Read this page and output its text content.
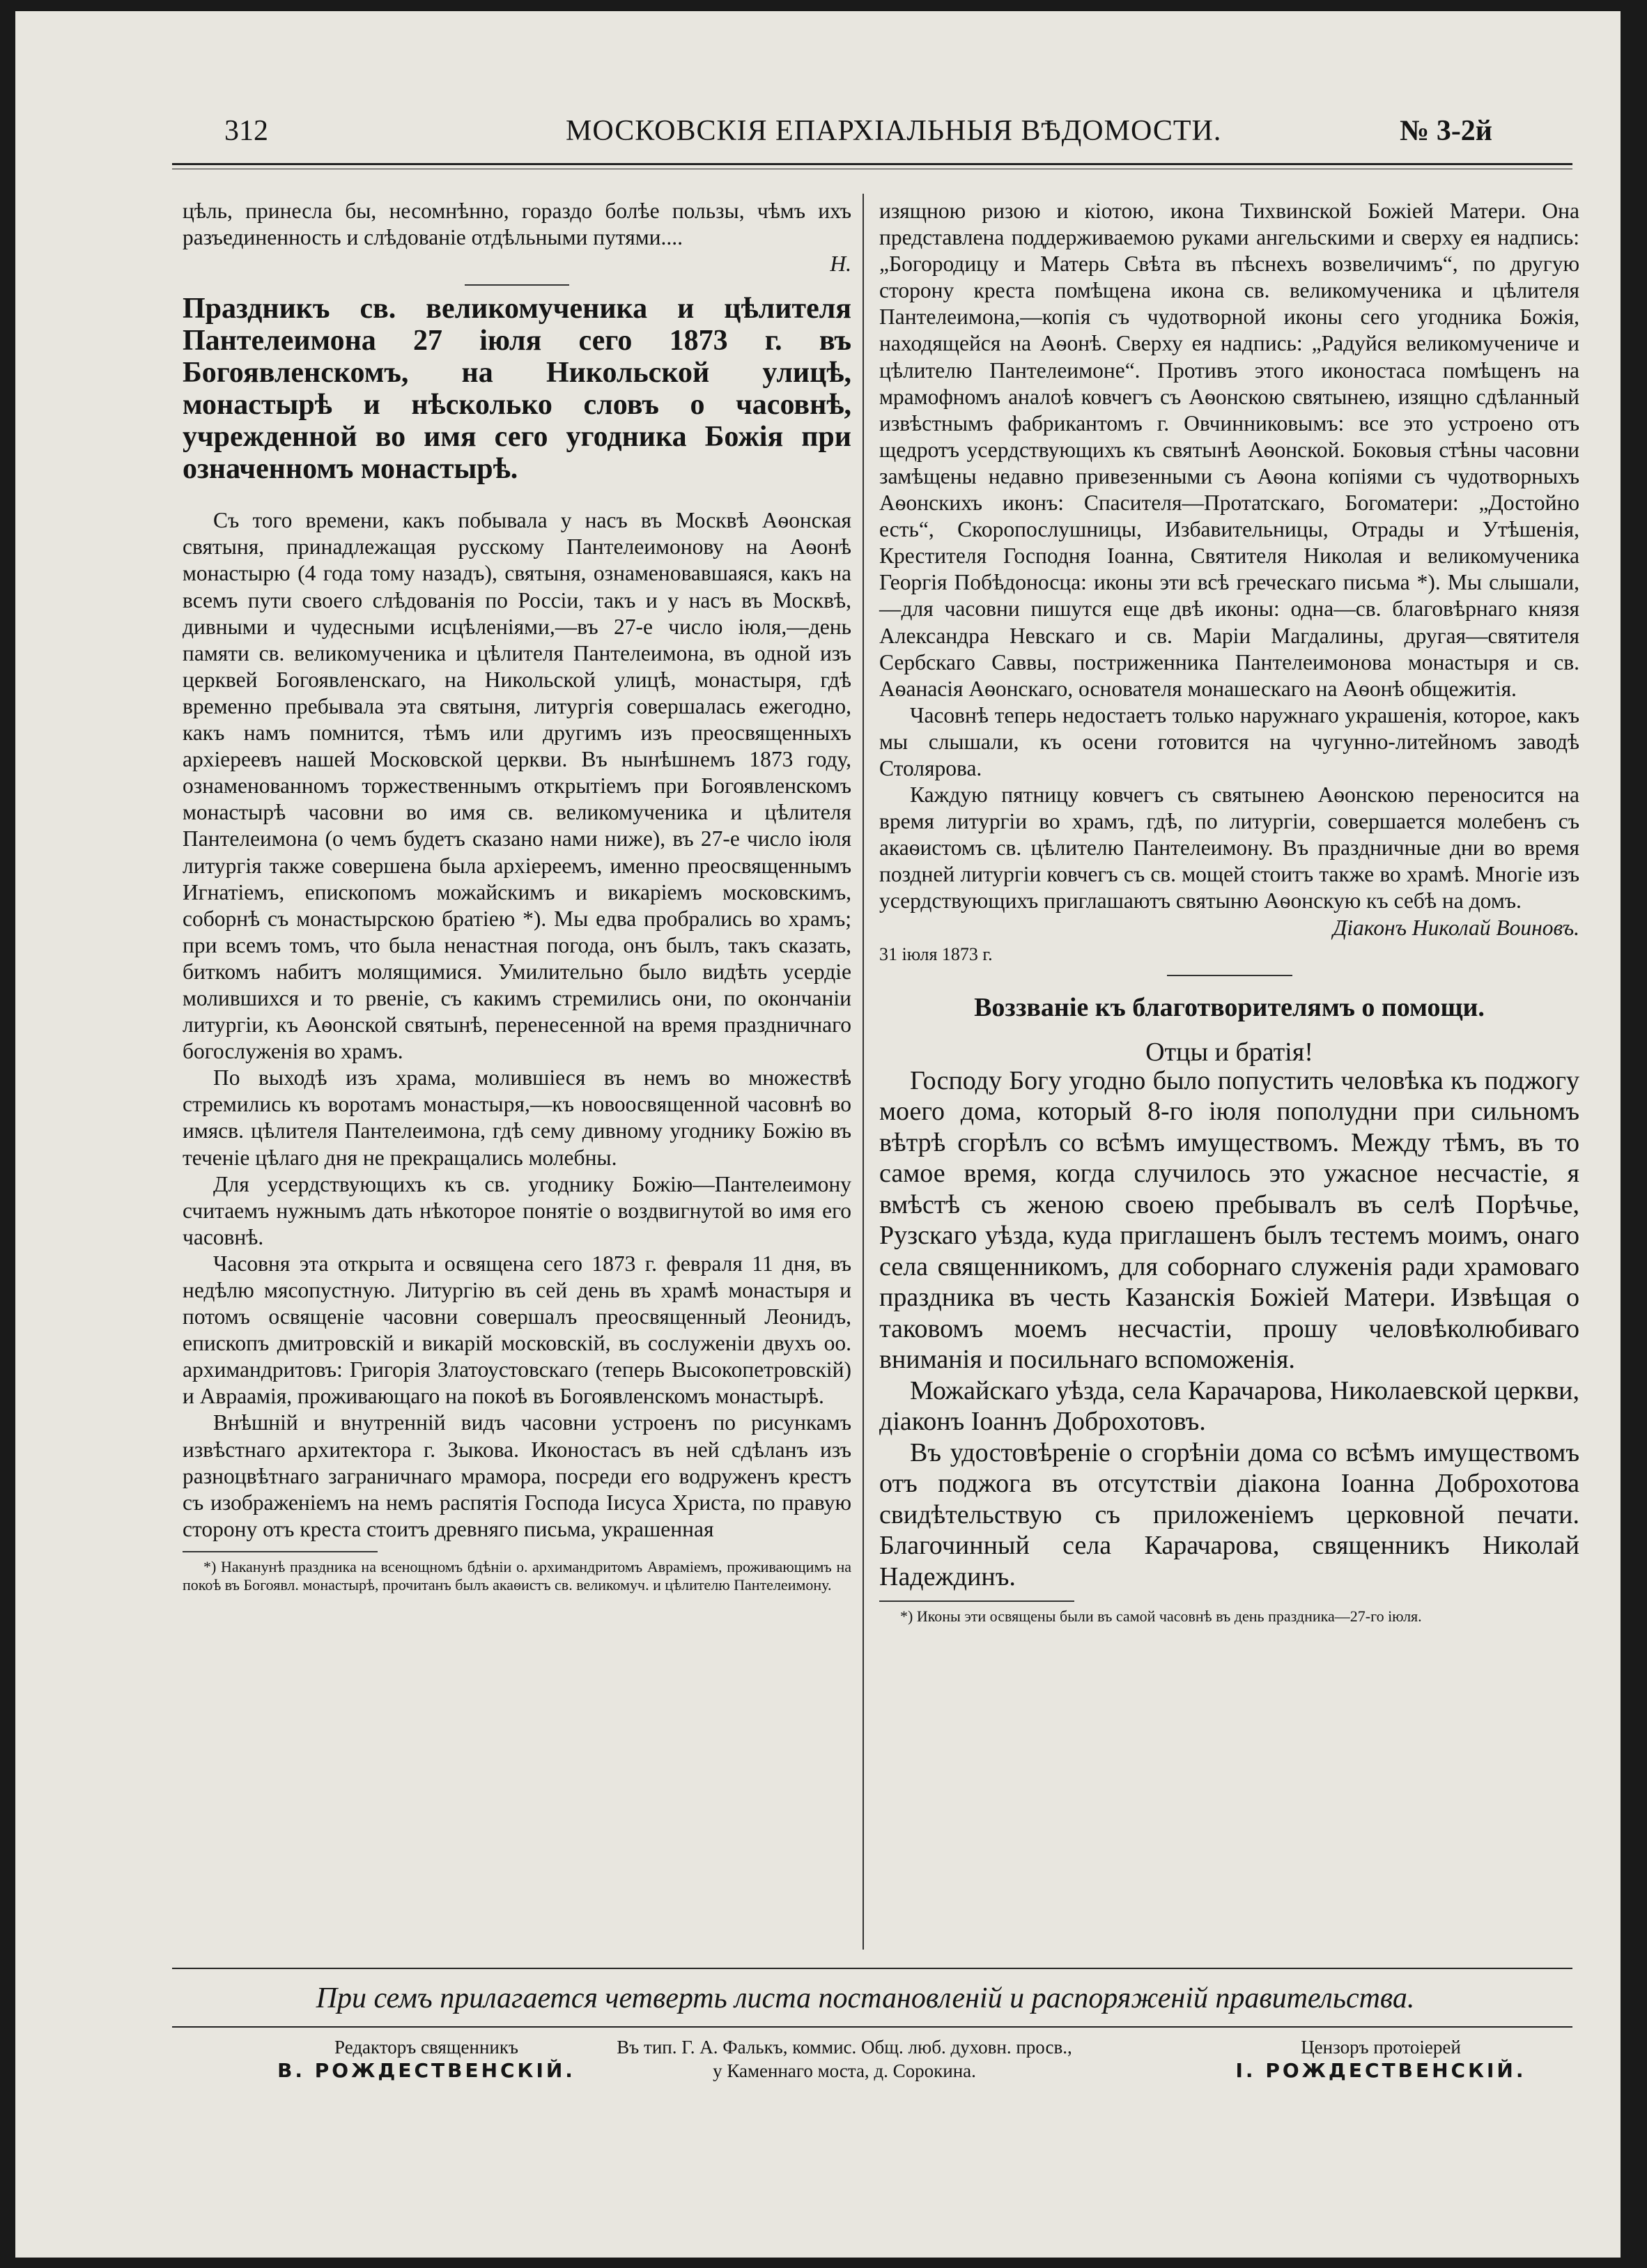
312	МОСКОВСКІЯ ЕПАРХІАЛЬНЫЯ ВѢДОМОСТИ.	№ 3-2й

цѣль, принесла бы, несомнѣнно, гораздо болѣе пользы, чѣмъ ихъ разъединенность и слѣдованіе отдѣльными путями....

Н.

Праздникъ св. великомученика и цѣлителя Пантелеимона 27 іюля сего 1873 г. въ Богоявленскомъ, на Никольской улицѣ, монастырѣ и нѣсколько словъ о часовнѣ, учрежденной во имя сего угодника Божія при означенномъ монастырѣ.

Съ того времени, какъ побывала у насъ въ Москвѣ Аѳонская святыня, принадлежащая русскому Пантелеимонову на Аѳонѣ монастырю (4 года тому назадъ), святыня, ознаменовавшаяся, какъ на всемъ пути своего слѣдованія по Россіи, такъ и у насъ въ Москвѣ, дивными и чудесными исцѣленіями,—въ 27-е число іюля,—день памяти св. великомученика и цѣлителя Пантелеимона, въ одной изъ церквей Богоявленскаго, на Никольской улицѣ, монастыря, гдѣ временно пребывала эта святыня, литургія совершалась ежегодно, какъ намъ помнится, тѣмъ или другимъ изъ преосвященныхъ архіереевъ нашей Московской церкви. Въ нынѣшнемъ 1873 году, ознаменованномъ торжественнымъ открытіемъ при Богоявленскомъ монастырѣ часовни во имя св. великомученика и цѣлителя Пантелеимона (о чемъ будетъ сказано нами ниже), въ 27-е число іюля литургія также совершена была архіереемъ, именно преосвященнымъ Игнатіемъ, епископомъ можайскимъ и викаріемъ московскимъ, соборнѣ съ монастырскою братіею *). Мы едва пробрались во храмъ; при всемъ томъ, что была ненастная погода, онъ былъ, такъ сказать, биткомъ набитъ молящимися. Умилительно было видѣть усердіе молившихся и то рвеніе, съ какимъ стремились они, по окончаніи литургіи, къ Аѳонской святынѣ, перенесенной на время праздничнаго богослуженія во храмъ.

По выходѣ изъ храма, молившіеся въ немъ во множествѣ стремились къ воротамъ монастыря,—къ новоосвященной часовнѣ во имясв. цѣлителя Пантелеимона, гдѣ сему дивному угоднику Божію въ теченіе цѣлаго дня не прекращались молебны.

Для усердствующихъ къ св. угоднику Божію—Пантелеимону считаемъ нужнымъ дать нѣкоторое понятіе о воздвигнутой во имя его часовнѣ.

Часовня эта открыта и освящена сего 1873 г. февраля 11 дня, въ недѣлю мясопустную. Литургію въ сей день въ храмѣ монастыря и потомъ освященіе часовни совершалъ преосвященный Леонидъ, епископъ дмитровскій и викарій московскій, въ сослуженіи двухъ оо. архимандритовъ: Григорія Златоустовскаго (теперь Высокопетровскій) и Авраамія, проживающаго на покоѣ въ Богоявленскомъ монастырѣ.

Внѣшній и внутренній видъ часовни устроенъ по рисункамъ извѣстнаго архитектора г. Зыкова. Иконостасъ въ ней сдѣланъ изъ разноцвѣтнаго заграничнаго мрамора, посреди его водруженъ крестъ съ изображеніемъ на немъ распятія Господа Іисуса Христа, по правую сторону отъ креста стоитъ древняго письма, украшенная

*) Наканунѣ праздника на всенощномъ бдѣніи о. архимандритомъ Авраміемъ, проживающимъ на покоѣ въ Богоявл. монастырѣ, прочитанъ былъ акаѳистъ св. великомуч. и цѣлителю Пантелеимону.

изящною ризою и кіотою, икона Тихвинской Божіей Матери. Она представлена поддерживаемою руками ангельскими и сверху ея надпись: „Богородицу и Матерь Свѣта въ пѣснехъ возвеличимъ“, по другую сторону креста помѣщена икона св. великомученика и цѣлителя Пантелеимона,—копія съ чудотворной иконы сего угодника Божія, находящейся на Аѳонѣ. Сверху ея надпись: „Радуйся великомучениче и цѣлителю Пантелеимоне“. Противъ этого иконостаса помѣщенъ на мрамофномъ аналоѣ ковчегъ съ Аѳонскою святынею, изящно сдѣланный извѣстнымъ фабрикантомъ г. Овчинниковымъ: все это устроено отъ щедротъ усердствующихъ къ святынѣ Аѳонской. Боковыя стѣны часовни замѣщены недавно привезенными съ Аѳона копіями съ чудотворныхъ Аѳонскихъ иконъ: Спасителя—Протатскаго, Богоматери: „Достойно есть“, Скоропослушницы, Избавительницы, Отрады и Утѣшенія, Крестителя Господня Іоанна, Святителя Николая и великомученика Георгія Побѣдоносца: иконы эти всѣ греческаго письма *). Мы слышали,—для часовни пишутся еще двѣ иконы: одна—св. благовѣрнаго князя Александра Невскаго и св. Маріи Магдалины, другая—святителя Сербскаго Саввы, постриженника Пантелеимонова монастыря и св. Аѳанасія Аѳонскаго, основателя монашескаго на Аѳонѣ общежитія.

Часовнѣ теперь недостаетъ только наружнаго украшенія, которое, какъ мы слышали, къ осени готовится на чугунно-литейномъ заводѣ Столярова.

Каждую пятницу ковчегъ съ святынею Аѳонскою переносится на время литургіи во храмъ, гдѣ, по литургіи, совершается молебенъ съ акаѳистомъ св. цѣлителю Пантелеимону. Въ праздничные дни во время поздней литургіи ковчегъ съ св. мощей стоитъ также во храмѣ. Многіе изъ усердствующихъ приглашаютъ святыню Аѳонскую къ себѣ на домъ.

Діаконъ Николай Воиновъ.

31 іюля 1873 г.

Воззваніе къ благотворителямъ о помощи.

Отцы и братія!

Господу Богу угодно было попустить человѣка къ поджогу моего дома, который 8-го іюля пополудни при сильномъ вѣтрѣ сгорѣлъ со всѣмъ имуществомъ. Между тѣмъ, въ то самое время, когда случилось это ужасное несчастіе, я вмѣстѣ съ женою своею пребывалъ въ селѣ Порѣчье, Рузскаго уѣзда, куда приглашенъ былъ тестемъ моимъ, онаго села священникомъ, для соборнаго служенія ради храмоваго праздника въ честь Казанскія Божіей Матери. Извѣщая о таковомъ моемъ несчастіи, прошу человѣколюбиваго вниманія и посильнаго вспоможенія.

Можайскаго уѣзда, села Карачарова, Николаевской церкви, діаконъ Іоаннъ Доброхотовъ.

Въ удостовѣреніе о сгорѣніи дома со всѣмъ имуществомъ отъ поджога въ отсутствіи діакона Іоанна Доброхотова свидѣтельствую съ приложеніемъ церковной печати. Благочинный села Карачарова, священникъ Николай Надеждинъ.

*) Иконы эти освящены были въ самой часовнѣ въ день праздника—27-го іюля.

При семъ прилагается четверть листа постановленій и распоряженій правительства.
Редакторъ священникъ
В. РОЖДЕСТВЕНСКІЙ.
Въ тип. Г. А. Фалькъ, коммис. Общ. люб. духовн. просв.,
у Каменнаго моста, д. Сорокина.
Цензоръ протоіерей
І. РОЖДЕСТВЕНСКІЙ.
